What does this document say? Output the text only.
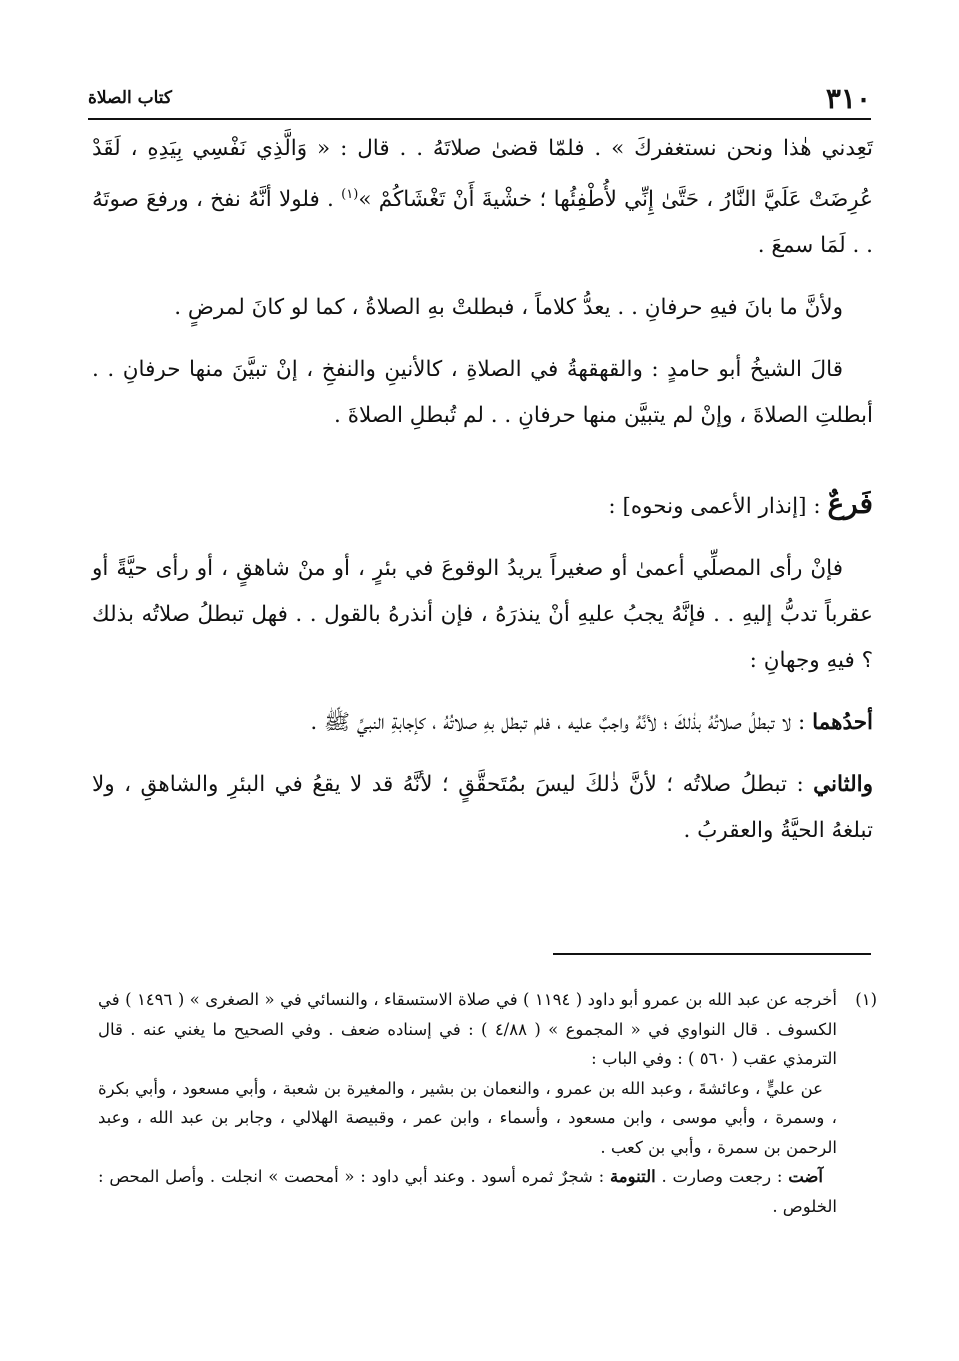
٣١٠
كتاب الصلاة

تَعِدني هٰذا ونحن نستغفركَ » . فلمّا قضىٰ صلاتَهُ . . قال : « وَالَّذِي نَفْسِي بِيَدِهِ ، لَقَدْ عُرِضَتْ عَلَيَّ النَّارُ ، حَتَّىٰ إِنِّي لأُطْفِئُها ؛ خشْيةَ أَنْ تَغْشَاكُمْ »$^{(١)}$ . فلولا أنَّهُ نفخ ، ورفعَ صوتَهُ . . لَمَا سمعَ .

ولأنَّ ما بانَ فيهِ حرفانِ . . يعدُّ كلاماً ، فبطلتْ بهِ الصلاةُ ، كما لو كانَ لمرضٍ .

قالَ الشيخُ أبو حامدٍ : والقهقهةُ في الصلاةِ ، كالأنينِ والنفخِ ، إنْ تبيَّنَ منها حرفانِ . . أبطلتِ الصلاةَ ، وإنْ لم يتبيَّن منها حرفانِ . . لم تُبطلِ الصلاةَ .

فَرعٌ : [إنذار الأعمى ونحوه] :

فإنْ رأى المصلِّي أعمىٰ أو صغيراً يريدُ الوقوعَ في بئرٍ ، أو منْ شاهقٍ ، أو رأى حيَّةً أو عقرباً تدبُّ إليهِ . . فإنَّهُ يجبُ عليهِ أنْ ينذرَهُ ، فإن أنذرهُ بالقول . . فهل تبطلُ صلاتُه بذلك ؟ فيهِ وجهانِ :

أحدُهما : لا تبطلُ صلاتُهُ بذٰلكَ ؛ لأنَّهُ واجبٌ عليه ، فلم تبطل بهِ صلاتُهُ ، كإجابةِ النبيِّ ﷺ .

والثاني : تبطلُ صلاتُه ؛ لأنَّ ذٰلكَ ليسَ بمُتَحقَّقٍ ؛ لأنَّهُ قد لا يقعُ في البئرِ والشاهقِ ، ولا تبلغهُ الحيَّةُ والعقربُ .

(١)

أخرجه عن عبد الله بن عمرو أبو داود ( ١١٩٤ ) في صلاة الاستسقاء ، والنسائي في « الصغرى » ( ١٤٩٦ ) في الكسوف . قال النواوي في « المجموع » ( ٤/٨٨ ) : في إسناده ضعف . وفي الصحيح ما يغني عنه . قال الترمذي عقب ( ٥٦٠ ) : وفي الباب :

عن عليٍّ ، وعائشةَ ، وعبد الله بن عمرو ، والنعمان بن بشير ، والمغيرة بن شعبة ، وأبي مسعود ، وأبي بكرة ، وسمرة ، وأبي موسى ، وابن مسعود ، وأسماء ، وابن عمر ، وقبيصة الهلالي ، وجابر بن عبد الله ، وعبد الرحمن بن سمرة ، وأبي بن كعب .

آضت : رجعت وصارت . التنومة : شجرٌ ثمره أسود . وعند أبي داود : « أمحصت » انجلت . وأصل المحص : الخلوص .
